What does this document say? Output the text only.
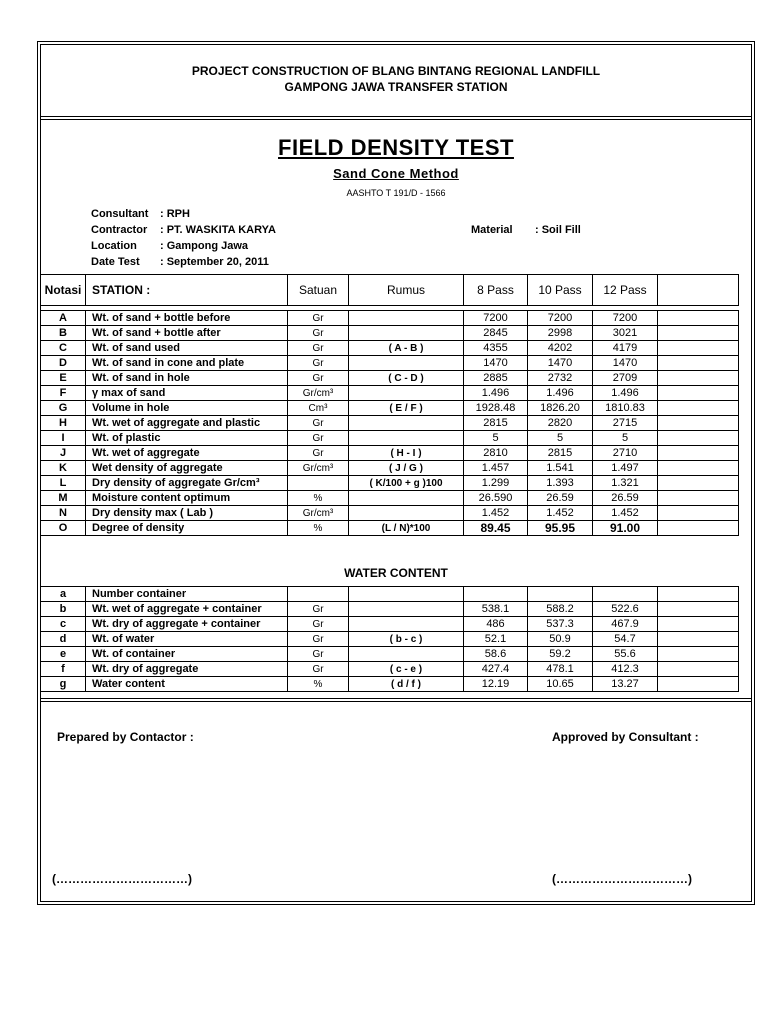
PROJECT CONSTRUCTION OF BLANG BINTANG REGIONAL LANDFILL
GAMPONG JAWA TRANSFER STATION
FIELD DENSITY TEST
Sand Cone Method
AASHTO T 191/D - 1566
Consultant : RPH
Contractor : PT. WASKITA KARYA
Location : Gampong Jawa
Date Test : September 20, 2011
Material : Soil Fill
Notasi	STATION :	Satuan	Rumus	8 Pass	10 Pass	12 Pass	
A	Wt. of sand + bottle before	Gr		7200	7200	7200	
B	Wt. of sand + bottle after	Gr		2845	2998	3021	
C	Wt. of sand used	Gr	( A - B )	4355	4202	4179	
D	Wt. of sand in cone and plate	Gr		1470	1470	1470	
E	Wt. of sand in hole	Gr	( C - D )	2885	2732	2709	
F	γ max of sand	Gr/cm³		1.496	1.496	1.496	
G	Volume in hole	Cm³	( E / F )	1928.48	1826.20	1810.83	
H	Wt. wet of aggregate and plastic	Gr		2815	2820	2715	
I	Wt. of plastic	Gr		5	5	5	
J	Wt. wet of aggregate	Gr	( H - I )	2810	2815	2710	
K	Wet density of aggregate	Gr/cm³	( J / G )	1.457	1.541	1.497	
L	Dry density of aggregate Gr/cm³		( K/100 + g )100	1.299	1.393	1.321	
M	Moisture content optimum	%		26.590	26.59	26.59	
N	Dry density max ( Lab )	Gr/cm³		1.452	1.452	1.452	
O	Degree of density	%	(L / N)*100	89.45	95.95	91.00	
WATER CONTENT
a	Number container						
b	Wt. wet of aggregate + container	Gr		538.1	588.2	522.6	
c	Wt. dry of aggregate + container	Gr		486	537.3	467.9	
d	Wt. of water	Gr	( b - c )	52.1	50.9	54.7	
e	Wt. of container	Gr		58.6	59.2	55.6	
f	Wt. dry of aggregate	Gr	( c - e )	427.4	478.1	412.3	
g	Water content	%	( d / f )	12.19	10.65	13.27	
Prepared by Contactor :	Approved by Consultant :
(……………………………)	(……………………………)
